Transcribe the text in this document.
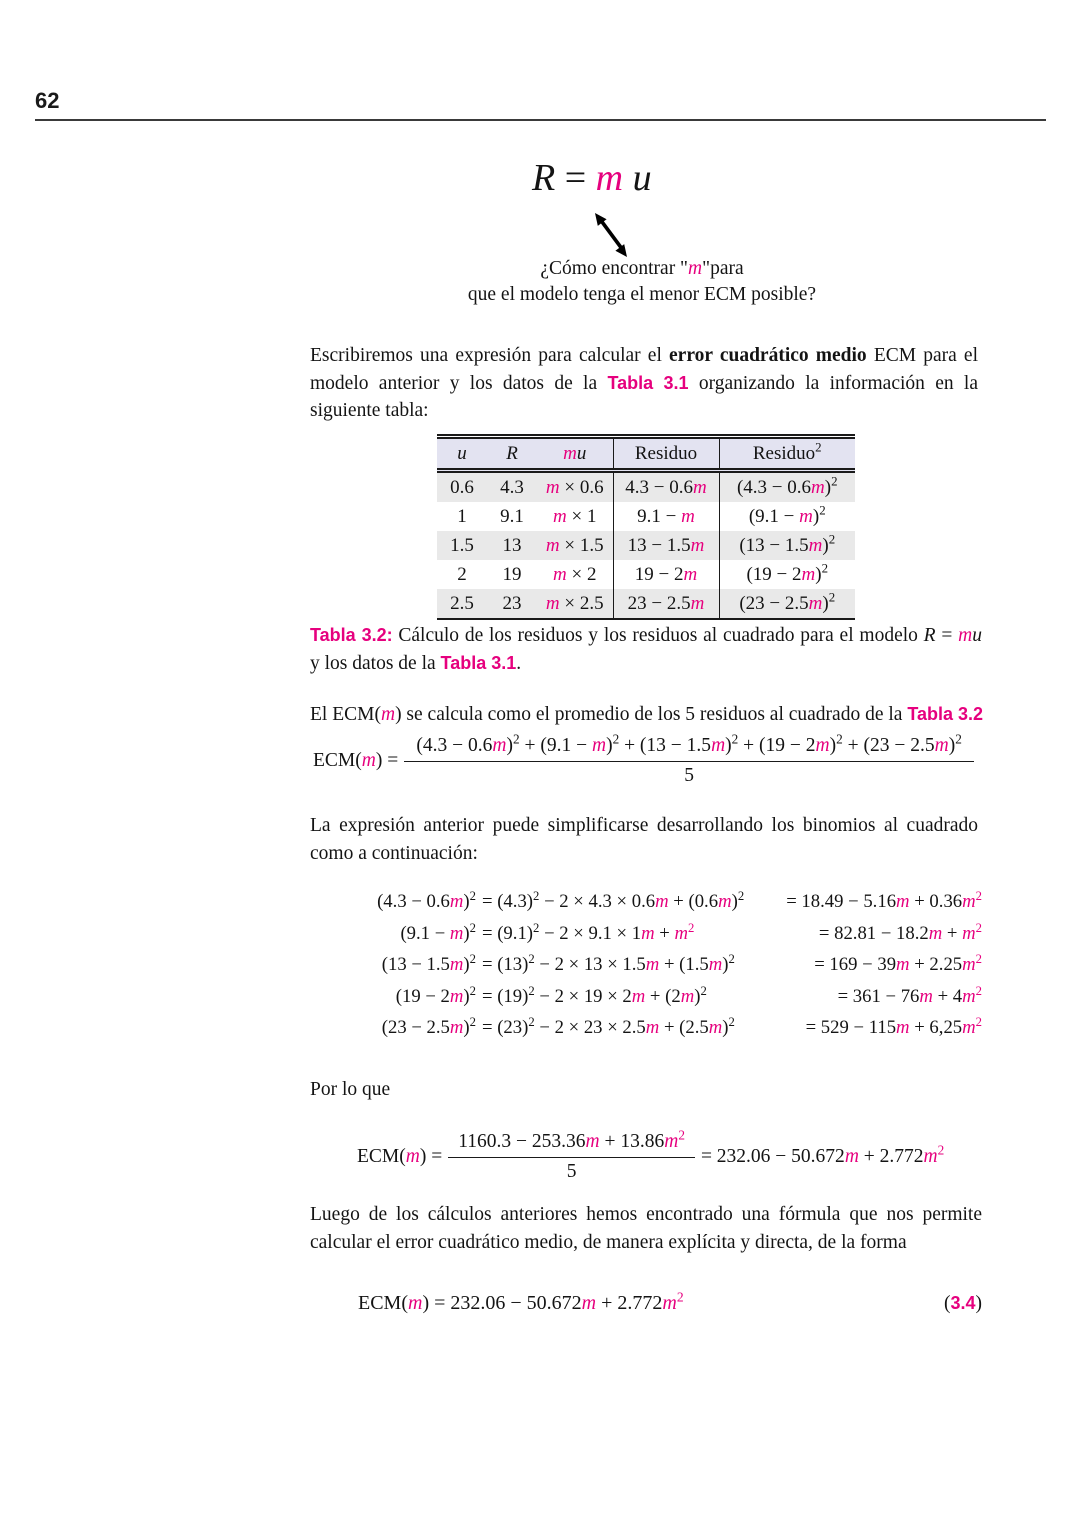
62
R = m u
¿Cómo encontrar "m"para
que el modelo tenga el menor ECM posible?
Escribiremos una expresión para calcular el error cuadrático medio ECM para el modelo anterior y los datos de la Tabla 3.1 organizando la información en la siguiente tabla:
u	R	mu	Residuo	Residuo$^2$
0.6	4.3	m × 0.6	4.3 − 0.6m	$(4.3 - 0.6m)^2$
1	9.1	m × 1	9.1 − m	$(9.1 - m)^2$
1.5	13	m × 1.5	13 − 1.5m	$(13 - 1.5m)^2$
2	19	m × 2	19 − 2m	$(19 - 2m)^2$
2.5	23	m × 2.5	23 − 2.5m	$(23 - 2.5m)^2$
Tabla 3.2: Cálculo de los residuos y los residuos al cuadrado para el modelo R = mu y los datos de la Tabla 3.1.
El ECM(m) se calcula como el promedio de los 5 residuos al cuadrado de la Tabla 3.2
ECM(m) =
$(4.3 - 0.6m)^2 + (9.1 - m)^2 + (13 - 1.5m)^2 + (19 - 2m)^2 + (23 - 2.5m)^2$
5
La expresión anterior puede simplificarse desarrollando los binomios al cuadrado como a continuación:
$(4.3 - 0.6m)^2 = (4.3)^2 - 2 \times 4.3 \times 0.6m + (0.6m)^2 = 18.49 - 5.16m + 0.36m^2$
$(9.1 - m)^2 = (9.1)^2 - 2 \times 9.1 \times 1m + m^2$	= $82.81 - 18.2m + m^2$
$(13 - 1.5m)^2 = (13)^2 - 2 \times 13 \times 1.5m + (1.5m)^2$	= $169 - 39m + 2.25m^2$
$(19 - 2m)^2 = (19)^2 - 2 \times 19 \times 2m + (2m)^2$	= $361 - 76m + 4m^2$
$(23 - 2.5m)^2 = (23)^2 - 2 \times 23 \times 2.5m + (2.5m)^2$	= $529 - 115m + 6,25m^2$
Por lo que
$ECM(m) = \frac{1160.3 - 253.36m + 13.86m^2}{5} = 232.06 - 50.672m + 2.772m^2$
Luego de los cálculos anteriores hemos encontrado una fórmula que nos permite calcular el error cuadrático medio, de manera explícita y directa, de la forma
$ECM(m) = 232.06 - 50.672m + 2.772m^2$	(3.4)
